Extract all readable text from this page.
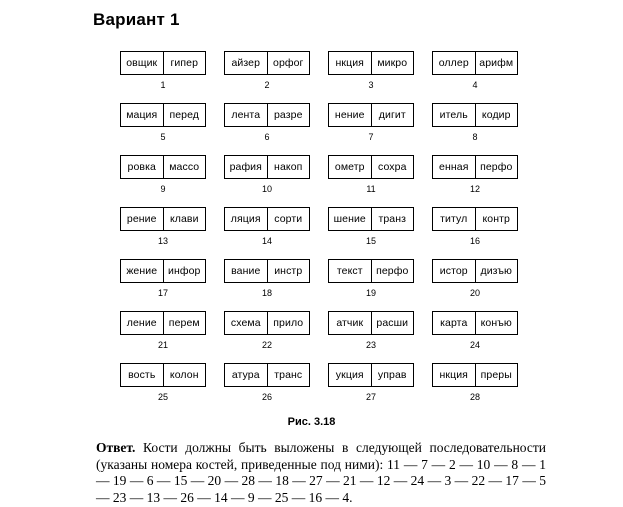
Вариант 1
овщик	гипер
1
айзер	орфог
2
нкция	микро
3
оллер	арифм
4
мация	перед
5
лента	разре
6
нение	дигит
7
итель	кодир
8
ровка	массо
9
рафия	накоп
10
ометр	сохра
11
енная	перфо
12
рение	клави
13
ляция	сорти
14
шение	транз
15
титул	контр
16
жение	инфор
17
вание	инстр
18
текст	перфо
19
истор	дизъю
20
ление	перем
21
схема	прило
22
атчик	расши
23
карта	конъю
24
вость	колон
25
атура	транс
26
укция	управ
27
нкция	преры
28
Рис. 3.18
Ответ. Кости должны быть выложены в следующей последовательности (указаны номера костей, приведенные под ними): 11 — 7 — 2 — 10 — 8 — 1 — 19 — 6 — 15 — 20 — 28 — 18 — 27 — 21 — 12 — 24 — 3 — 22 — 17 — 5 — 23 — 13 — 26 — 14 — 9 — 25 — 16 — 4.
